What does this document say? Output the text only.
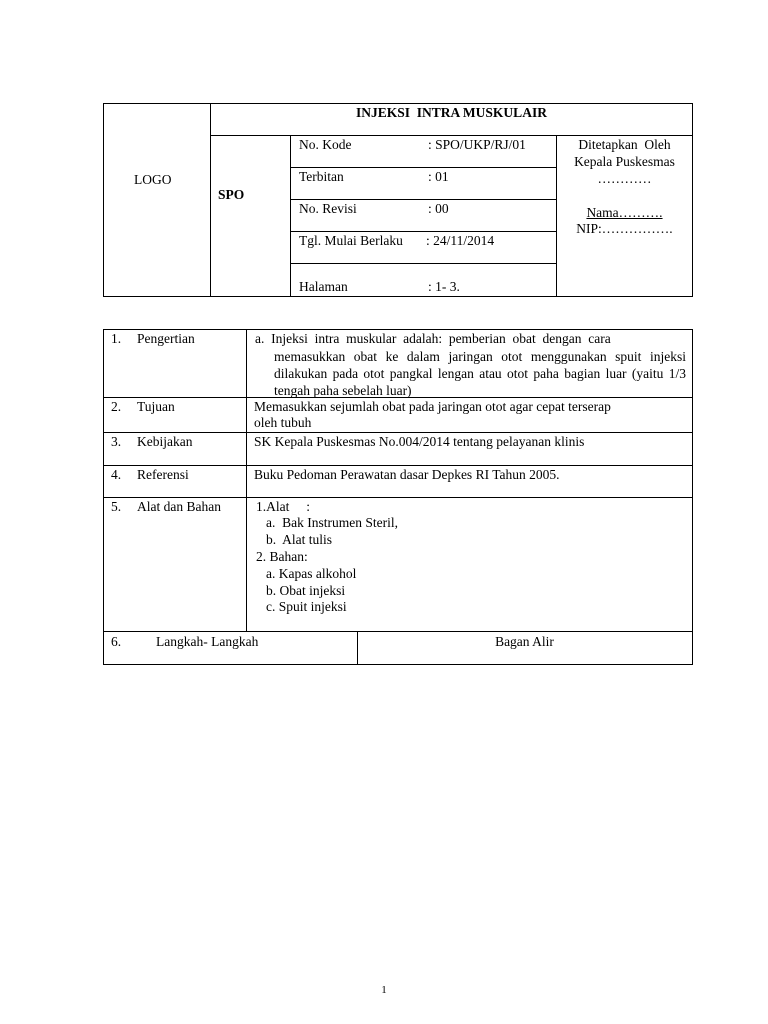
LOGO
INJEKSI  INTRA MUSKULAIR
SPO
No. Kode	: SPO/UKP/RJ/01
Terbitan	: 01
No. Revisi	: 00
Tgl. Mulai Berlaku : 24/11/2014
Halaman	: 1- 3.
Ditetapkan  Oleh
Kepala Puskesmas
…………
Nama……….
NIP:…………….
1. Pengertian	a.  Injeksi  intra  muskular  adalah:  pemberian  obat  dengan  cara
memasukkan obat ke dalam jaringan otot menggunakan spuit injeksi dilakukan pada otot pangkal lengan atau otot paha bagian luar (yaitu 1/3 tengah paha sebelah luar)
2. Tujuan	Memasukkan sejumlah obat pada jaringan otot agar cepat terserap
oleh tubuh
3. Kebijakan	SK Kepala Puskesmas No.004/2014 tentang pelayanan klinis
4. Referensi	Buku Pedoman Perawatan dasar Depkes RI Tahun 2005.
5. Alat dan Bahan	1.Alat     :
a.  Bak Instrumen Steril,
b.  Alat tulis
2. Bahan:
a. Kapas alkohol
b. Obat injeksi
c. Spuit injeksi
6.	Langkah- Langkah	Bagan Alir
1
